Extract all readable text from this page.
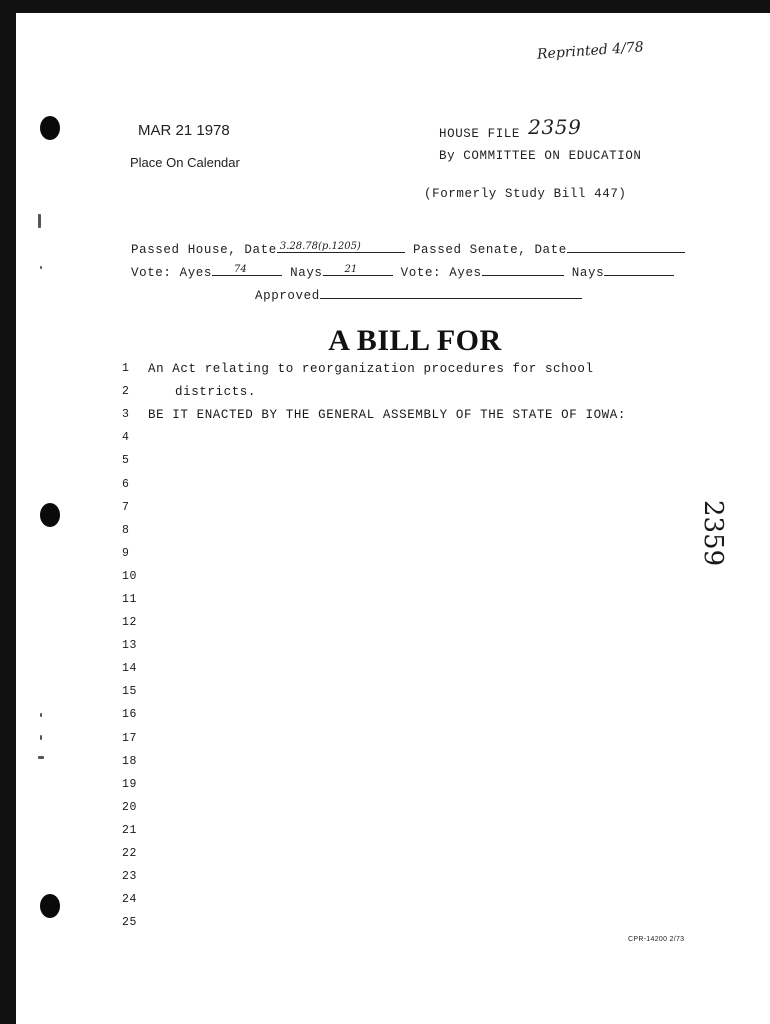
Reprinted 4/78
MAR 21 1978
Place On Calendar
HOUSE FILE 2359
By COMMITTEE ON EDUCATION
(Formerly Study Bill 447)
Passed House, Date 3.28.78(p.1205)	Passed Senate, Date
Vote: Ayes 74	Nays 21	Vote: Ayes	Nays
Approved
A BILL FOR
1	An Act relating to reorganization procedures for school
2	districts.
3	BE IT ENACTED BY THE GENERAL ASSEMBLY OF THE STATE OF IOWA:
4
5
6
7
8
9
10
11
12
13
14
15
16
17
18
19
20
21
22
23
24
25
2359
CPR-14200 2/73
